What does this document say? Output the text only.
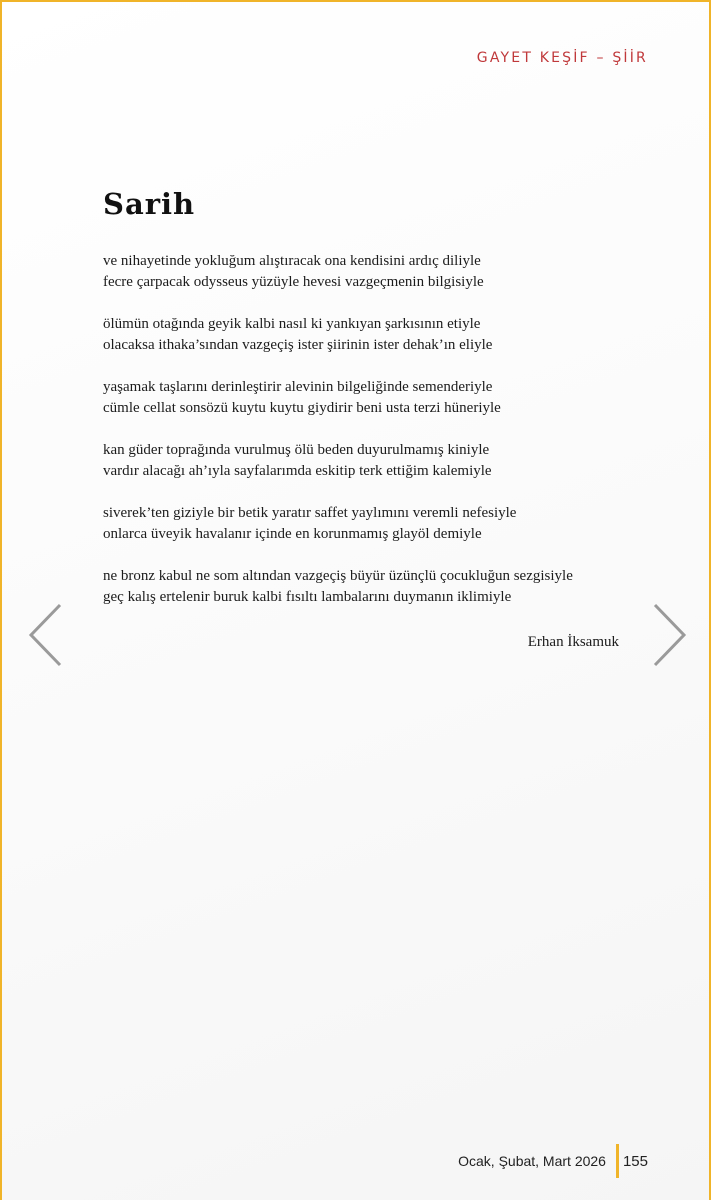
GAYET KEŞİF – ŞİİR
Sarih
ve nihayetinde yokluğum alıştıracak ona kendisini ardıç diliyle
fecre çarpacak odysseus yüzüyle hevesi vazgeçmenin bilgisiyle
ölümün otağında geyik kalbi nasıl ki yankıyan şarkısının etiyle
olacaksa ithaka’sından vazgeçiş ister şiirinin ister dehak’ın eliyle
yaşamak taşlarını derinleştirir alevinin bilgeliğinde semenderiyle
cümle cellat sonsözü kuytu kuytu giydirir beni usta terzi hüneriyle
kan güder toprağında vurulmuş ölü beden duyurulmamış kiniyle
vardır alacağı ah’ıyla sayfalarımda eskitip terk ettiğim kalemiyle
siverek’ten giziyle bir betik yaratır saffet yaylımını veremli nefesiyle
onlarca üveyik havalanır içinde en korunmamış glayöl demiyle
ne bronz kabul ne som altından vazgeçiş büyür üzünçlü çocukluğun sezgisiyle
geç kalış ertelenir buruk kalbi fısıltı lambalarını duymanın iklimiyle
Erhan İksamuk
Ocak, Şubat, Mart 2026 155
